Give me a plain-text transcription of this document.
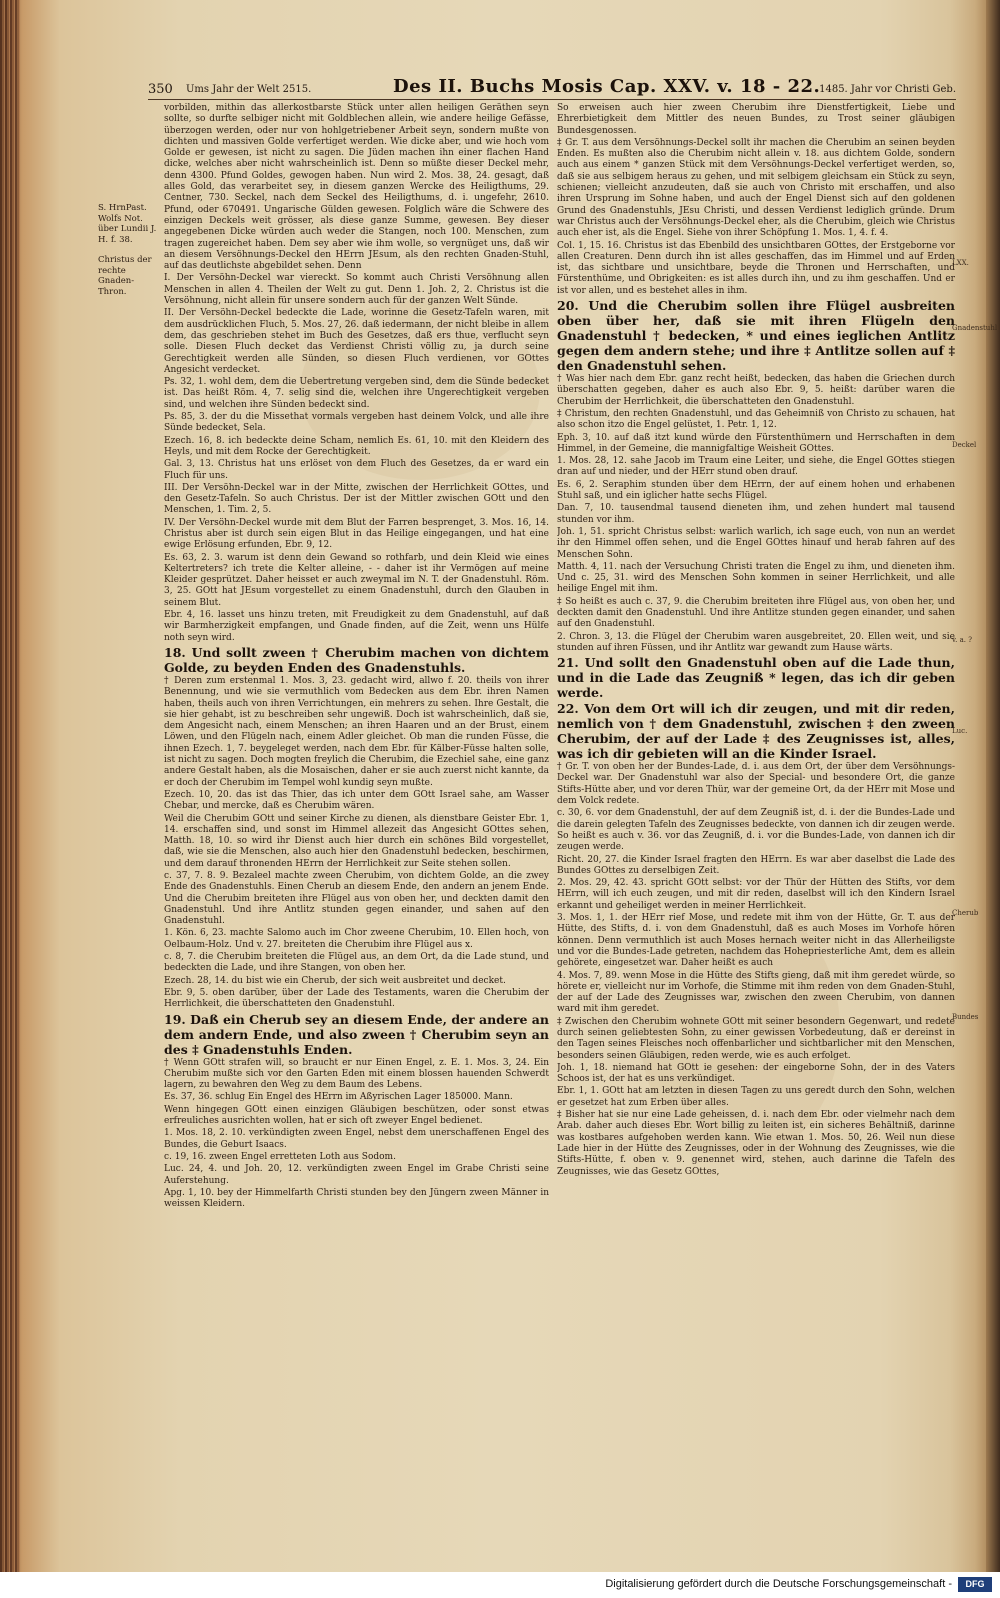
350 Ums Jahr der Welt 2515.	Des II. Buchs Mosis Cap. XXV. v. 18 - 22.
1485. Jahr vor Christi Geb.
S. HrnPast. Wolfs Not. über Lundii J. H. f. 38.
Christus der rechte Gnaden-Thron.

vorbilden, mithin das allerkostbarste Stück unter allen heiligen Geräthen seyn sollte, so durfte selbiger nicht mit Goldblechen allein, wie andere heilige Gefässe, überzogen werden, oder nur von hohlgetriebener Arbeit seyn, sondern mußte von dichten und massiven Golde verfertiget werden. Wie dicke aber, und wie hoch vom Golde er gewesen, ist nicht zu sagen. Die Jüden machen ihn einer flachen Hand dicke, welches aber nicht wahrscheinlich ist. Denn so müßte dieser Deckel mehr, denn 4300. Pfund Goldes, gewogen haben. Nun wird 2. Mos. 38, 24. gesagt, daß alles Gold, das verarbeitet sey, in diesem ganzen Wercke des Heiligthums, 29. Centner, 730. Seckel, nach dem Seckel des Heiligthums, d. i. ungefehr, 2610. Pfund, oder 670491. Ungarische Gülden gewesen. Folglich wäre die Schwere des einzigen Deckels weit grösser, als diese ganze Summe, gewesen. Bey dieser angegebenen Dicke würden auch weder die Stangen, noch 100. Menschen, zum tragen zugereichet haben. Dem sey aber wie ihm wolle, so vergnüget uns, daß wir an diesem Versöhnungs-Deckel den HErrn JEsum, als den rechten Gnaden-Stuhl, auf das deutlichste abgebildet sehen. Denn

I. Der Versöhn-Deckel war viereckt. So kommt auch Christi Versöhnung allen Menschen in allen 4. Theilen der Welt zu gut. Denn 1. Joh. 2, 2. Christus ist die Versöhnung, nicht allein für unsere sondern auch für der ganzen Welt Sünde.

II. Der Versöhn-Deckel bedeckte die Lade, worinne die Gesetz-Tafeln waren, mit dem ausdrücklichen Fluch, 5. Mos. 27, 26. daß iedermann, der nicht bleibe in allem dem, das geschrieben stehet im Buch des Gesetzes, daß ers thue, verflucht seyn solle. Diesen Fluch decket das Verdienst Christi völlig zu, ja durch seine Gerechtigkeit werden alle Sünden, so diesen Fluch verdienen, vor GOttes Angesicht verdecket.

Ps. 32, 1. wohl dem, dem die Uebertretung vergeben sind, dem die Sünde bedecket ist. Das heißt Röm. 4, 7. selig sind die, welchen ihre Ungerechtigkeit vergeben sind, und welchen ihre Sünden bedeckt sind.

Ps. 85, 3. der du die Missethat vormals vergeben hast deinem Volck, und alle ihre Sünde bedecket, Sela.

Ezech. 16, 8. ich bedeckte deine Scham, nemlich Es. 61, 10. mit den Kleidern des Heyls, und mit dem Rocke der Gerechtigkeit.

Gal. 3, 13. Christus hat uns erlöset von dem Fluch des Gesetzes, da er ward ein Fluch für uns.

III. Der Versöhn-Deckel war in der Mitte, zwischen der Herrlichkeit GOttes, und den Gesetz-Tafeln. So auch Christus. Der ist der Mittler zwischen GOtt und den Menschen, 1. Tim. 2, 5.

IV. Der Versöhn-Deckel wurde mit dem Blut der Farren besprenget, 3. Mos. 16, 14. Christus aber ist durch sein eigen Blut in das Heilige eingegangen, und hat eine ewige Erlösung erfunden, Ebr. 9, 12.

Es. 63, 2. 3. warum ist denn dein Gewand so rothfarb, und dein Kleid wie eines Keltertreters? ich trete die Kelter alleine, - - daher ist ihr Vermögen auf meine Kleider gesprützet. Daher heisset er auch zweymal im N. T. der Gnadenstuhl. Röm. 3, 25. GOtt hat JEsum vorgestellet zu einem Gnadenstuhl, durch den Glauben in seinem Blut.

Ebr. 4, 16. lasset uns hinzu treten, mit Freudigkeit zu dem Gnadenstuhl, auf daß wir Barmherzigkeit empfangen, und Gnade finden, auf die Zeit, wenn uns Hülfe noth seyn wird.

18. Und sollt zween † Cherubim machen von dichtem Golde, zu beyden Enden des Gnadenstuhls.

† Deren zum erstenmal 1. Mos. 3, 23. gedacht wird, allwo f. 20. theils von ihrer Benennung, und wie sie vermuthlich vom Bedecken aus dem Ebr. ihren Namen haben, theils auch von ihren Verrichtungen, ein mehrers zu sehen. Ihre Gestalt, die sie hier gehabt, ist zu beschreiben sehr ungewiß. Doch ist wahrscheinlich, daß sie, dem Angesicht nach, einem Menschen; an ihren Haaren und an der Brust, einem Löwen, und den Flügeln nach, einem Adler gleichet. Ob man die runden Füsse, die ihnen Ezech. 1, 7. beygeleget werden, nach dem Ebr. für Kälber-Füsse halten solle, ist nicht zu sagen. Doch mogten freylich die Cherubim, die Ezechiel sahe, eine ganz andere Gestalt haben, als die Mosaischen, daher er sie auch zuerst nicht kannte, da er doch der Cherubim im Tempel wohl kundig seyn mußte.

Ezech. 10, 20. das ist das Thier, das ich unter dem GOtt Israel sahe, am Wasser Chebar, und mercke, daß es Cherubim wären.

Weil die Cherubim GOtt und seiner Kirche zu dienen, als dienstbare Geister Ebr. 1, 14. erschaffen sind, und sonst im Himmel allezeit das Angesicht GOttes sehen, Matth. 18, 10. so wird ihr Dienst auch hier durch ein schönes Bild vorgestellet, daß, wie sie die Menschen, also auch hier den Gnadenstuhl bedecken, beschirmen, und dem darauf thronenden HErrn der Herrlichkeit zur Seite stehen sollen.

c. 37, 7. 8. 9. Bezaleel machte zween Cherubim, von dichtem Golde, an die zwey Ende des Gnadenstuhls. Einen Cherub an diesem Ende, den andern an jenem Ende. Und die Cherubim breiteten ihre Flügel aus von oben her, und deckten damit den Gnadenstuhl. Und ihre Antlitz stunden gegen einander, und sahen auf den Gnadenstuhl.

1. Kön. 6, 23. machte Salomo auch im Chor zweene Cherubim, 10. Ellen hoch, von Oelbaum-Holz. Und v. 27. breiteten die Cherubim ihre Flügel aus x.

c. 8, 7. die Cherubim breiteten die Flügel aus, an dem Ort, da die Lade stund, und bedeckten die Lade, und ihre Stangen, von oben her.

Ezech. 28, 14. du bist wie ein Cherub, der sich weit ausbreitet und decket.

Ebr. 9, 5. oben darüber, über der Lade des Testaments, waren die Cherubim der Herrlichkeit, die überschatteten den Gnadenstuhl.

19. Daß ein Cherub sey an diesem Ende, der andere an dem andern Ende, und also zween † Cherubim seyn an des ‡ Gnadenstuhls Enden.

† Wenn GOtt strafen will, so braucht er nur Einen Engel, z. E. 1. Mos. 3, 24. Ein Cherubim mußte sich vor den Garten Eden mit einem blossen hauenden Schwerdt lagern, zu bewahren den Weg zu dem Baum des Lebens.

Es. 37, 36. schlug Ein Engel des HErrn im Aßyrischen Lager 185000. Mann.

Wenn hingegen GOtt einen einzigen Gläubigen beschützen, oder sonst etwas erfreuliches ausrichten wollen, hat er sich oft zweyer Engel bedienet.

1. Mos. 18, 2. 10. verkündigten zween Engel, nebst dem unerschaffenen Engel des Bundes, die Geburt Isaacs.

c. 19, 16. zween Engel erretteten Loth aus Sodom.

Luc. 24, 4. und Joh. 20, 12. verkündigten zween Engel im Grabe Christi seine Auferstehung.

Apg. 1, 10. bey der Himmelfarth Christi stunden bey den Jüngern zween Männer in weissen Kleidern.

So erweisen auch hier zween Cherubim ihre Dienstfertigkeit, Liebe und Ehrerbietigkeit dem Mittler des neuen Bundes, zu Trost seiner gläubigen Bundesgenossen.

‡ Gr. T. aus dem Versöhnungs-Deckel sollt ihr machen die Cherubim an seinen beyden Enden. Es mußten also die Cherubim nicht allein v. 18. aus dichtem Golde, sondern auch aus einem * ganzen Stück mit dem Versöhnungs-Deckel verfertiget werden, so, daß sie aus selbigem heraus zu gehen, und mit selbigem gleichsam ein Stück zu seyn, schienen; vielleicht anzudeuten, daß sie auch von Christo mit erschaffen, und also ihren Ursprung im Sohne haben, und auch der Engel Dienst sich auf den goldenen Grund des Gnadenstuhls, JEsu Christi, und dessen Verdienst lediglich gründe. Drum war Christus auch der Versöhnungs-Deckel eher, als die Cherubim, gleich wie Christus auch eher ist, als die Engel. Siehe von ihrer Schöpfung 1. Mos. 1, 4. f. 4.

Col. 1, 15. 16. Christus ist das Ebenbild des unsichtbaren GOttes, der Erstgeborne vor allen Creaturen. Denn durch ihn ist alles geschaffen, das im Himmel und auf Erden ist, das sichtbare und unsichtbare, beyde die Thronen und Herrschaften, und Fürstenthüme, und Obrigkeiten: es ist alles durch ihn, und zu ihm geschaffen. Und er ist vor allen, und es bestehet alles in ihm.

20. Und die Cherubim sollen ihre Flügel ausbreiten oben über her, daß sie mit ihren Flügeln den Gnadenstuhl † bedecken, * und eines ieglichen Antlitz gegen dem andern stehe; und ihre ‡ Antlitze sollen auf ‡ den Gnadenstuhl sehen.

† Was hier nach dem Ebr. ganz recht heißt, bedecken, das haben die Griechen durch überschatten gegeben, daher es auch also Ebr. 9, 5. heißt: darüber waren die Cherubim der Herrlichkeit, die überschatteten den Gnadenstuhl.

‡ Christum, den rechten Gnadenstuhl, und das Geheimniß von Christo zu schauen, hat also schon itzo die Engel gelüstet, 1. Petr. 1, 12.

Eph. 3, 10. auf daß itzt kund würde den Fürstenthümern und Herrschaften in dem Himmel, in der Gemeine, die mannigfaltige Weisheit GOttes.

1. Mos. 28, 12. sahe Jacob im Traum eine Leiter, und siehe, die Engel GOttes stiegen dran auf und nieder, und der HErr stund oben drauf.

Es. 6, 2. Seraphim stunden über dem HErrn, der auf einem hohen und erhabenen Stuhl saß, und ein iglicher hatte sechs Flügel.

Dan. 7, 10. tausendmal tausend dieneten ihm, und zehen hundert mal tausend stunden vor ihm.

Joh. 1, 51. spricht Christus selbst: warlich warlich, ich sage euch, von nun an werdet ihr den Himmel offen sehen, und die Engel GOttes hinauf und herab fahren auf des Menschen Sohn.

Matth. 4, 11. nach der Versuchung Christi traten die Engel zu ihm, und dieneten ihm. Und c. 25, 31. wird des Menschen Sohn kommen in seiner Herrlichkeit, und alle heilige Engel mit ihm.

‡ So heißt es auch c. 37, 9. die Cherubim breiteten ihre Flügel aus, von oben her, und deckten damit den Gnadenstuhl. Und ihre Antlitze stunden gegen einander, und sahen auf den Gnadenstuhl.

2. Chron. 3, 13. die Flügel der Cherubim waren ausgebreitet, 20. Ellen weit, und sie stunden auf ihren Füssen, und ihr Antlitz war gewandt zum Hause wärts.

21. Und sollt den Gnadenstuhl oben auf die Lade thun, und in die Lade das Zeugniß * legen, das ich dir geben werde.

22. Von dem Ort will ich dir zeugen, und mit dir reden, nemlich von † dem Gnadenstuhl, zwischen ‡ den zween Cherubim, der auf der Lade ‡ des Zeugnisses ist, alles, was ich dir gebieten will an die Kinder Israel.

† Gr. T. von oben her der Bundes-Lade, d. i. aus dem Ort, der über dem Versöhnungs-Deckel war. Der Gnadenstuhl war also der Special- und besondere Ort, die ganze Stifts-Hütte aber, und vor deren Thür, war der gemeine Ort, da der HErr mit Mose und dem Volck redete.

c. 30, 6. vor dem Gnadenstuhl, der auf dem Zeugniß ist, d. i. der die Bundes-Lade und die darein gelegten Tafeln des Zeugnisses bedeckte, von dannen ich dir zeugen werde. So heißt es auch v. 36. vor das Zeugniß, d. i. vor die Bundes-Lade, von dannen ich dir zeugen werde.

Richt. 20, 27. die Kinder Israel fragten den HErrn. Es war aber daselbst die Lade des Bundes GOttes zu derselbigen Zeit.

2. Mos. 29, 42. 43. spricht GOtt selbst: vor der Thür der Hütten des Stifts, vor dem HErrn, will ich euch zeugen, und mit dir reden, daselbst will ich den Kindern Israel erkannt und geheiliget werden in meiner Herrlichkeit.

3. Mos. 1, 1. der HErr rief Mose, und redete mit ihm von der Hütte, Gr. T. aus der Hütte, des Stifts, d. i. von dem Gnadenstuhl, daß es auch Moses im Vorhofe hören können. Denn vermuthlich ist auch Moses hernach weiter nicht in das Allerheiligste und vor die Bundes-Lade getreten, nachdem das Hohepriesterliche Amt, dem es allein gehörete, eingesetzet war. Daher heißt es auch

4. Mos. 7, 89. wenn Mose in die Hütte des Stifts gieng, daß mit ihm geredet würde, so hörete er, vielleicht nur im Vorhofe, die Stimme mit ihm reden von dem Gnaden-Stuhl, der auf der Lade des Zeugnisses war, zwischen den zween Cherubim, von dannen ward mit ihm geredet.

‡ Zwischen den Cherubim wohnete GOtt mit seiner besondern Gegenwart, und redete durch seinen geliebtesten Sohn, zu einer gewissen Vorbedeutung, daß er dereinst in den Tagen seines Fleisches noch offenbarlicher und sichtbarlicher mit den Menschen, besonders seinen Gläubigen, reden werde, wie es auch erfolget.

Joh. 1, 18. niemand hat GOtt ie gesehen: der eingeborne Sohn, der in des Vaters Schoos ist, der hat es uns verkündiget.

Ebr. 1, 1. GOtt hat am letzten in diesen Tagen zu uns geredt durch den Sohn, welchen er gesetzet hat zum Erben über alles.

‡ Bisher hat sie nur eine Lade geheissen, d. i. nach dem Ebr. oder vielmehr nach dem Arab. daher auch dieses Ebr. Wort billig zu leiten ist, ein sicheres Behältniß, darinne was kostbares aufgehoben werden kann. Wie etwan 1. Mos. 50, 26. Weil nun diese Lade hier in der Hütte des Zeugnisses, oder in der Wohnung des Zeugnisses, wie die Stifts-Hütte, f. oben v. 9. genennet wird, stehen, auch darinne die Tafeln des Zeugnisses, wie das Gesetz GOttes,

LXX.
Gnadenstuhl
Deckel
v. a. ?
Luc.
Cherub
Bundes
Digitalisierung gefördert durch die Deutsche Forschungsgemeinschaft -	DFG
